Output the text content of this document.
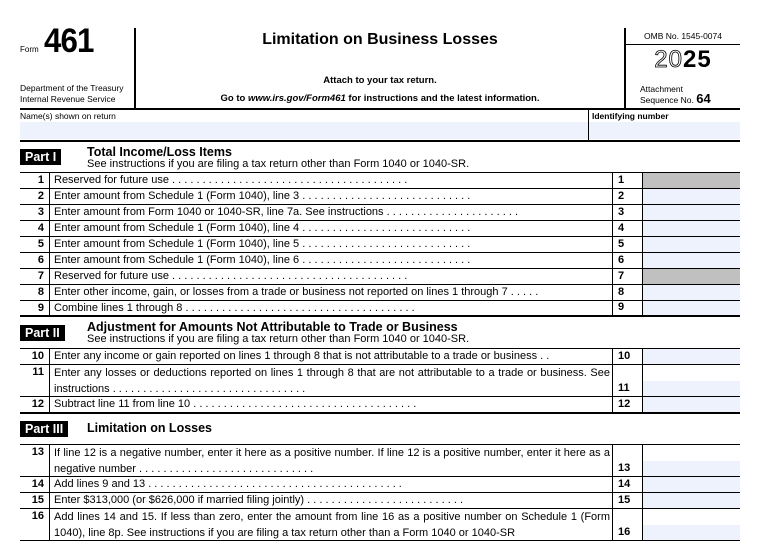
Form 461
Department of the Treasury
Internal Revenue Service
Limitation on Business Losses
Attach to your tax return.
Go to www.irs.gov/Form461 for instructions and the latest information.
OMB No. 1545-0074
2025
Attachment
Sequence No. 64
Name(s) shown on return	Identifying number
Part I	Total Income/Loss Items
See instructions if you are filing a tax return other than Form 1040 or 1040-SR.
Part II	Adjustment for Amounts Not Attributable to Trade or Business
See instructions if you are filing a tax return other than Form 1040 or 1040-SR.
Part III	Limitation on Losses
1 Reserved for future use . . . . . . . . . . . . . . . . . . . . . . . . . . . . . . . . . . . . . . .	1
2 Enter amount from Schedule 1 (Form 1040), line 3 . . . . . . . . . . . . . . . . . . . . . . . . . . . .	2
3 Enter amount from Form 1040 or 1040-SR, line 7a. See instructions . . . . . . . . . . . . . . . . . . . . . .	3
4 Enter amount from Schedule 1 (Form 1040), line 4 . . . . . . . . . . . . . . . . . . . . . . . . . . . .	4
5 Enter amount from Schedule 1 (Form 1040), line 5 . . . . . . . . . . . . . . . . . . . . . . . . . . . .	5
6 Enter amount from Schedule 1 (Form 1040), line 6 . . . . . . . . . . . . . . . . . . . . . . . . . . . .	6
7 Reserved for future use . . . . . . . . . . . . . . . . . . . . . . . . . . . . . . . . . . . . . . .	7
8 Enter other income, gain, or losses from a trade or business not reported on lines 1 through 7 . . . . .	8
9 Combine lines 1 through 8 . . . . . . . . . . . . . . . . . . . . . . . . . . . . . . . . . . . . . .	9
10 Enter any income or gain reported on lines 1 through 8 that is not attributable to a trade or business . .	10
11 Enter any losses or deductions reported on lines 1 through 8 that are not attributable to a trade or business. See instructions . . . . . . . . . . . . . . . . . . . . . . . . . . . . . . . .	11
12 Subtract line 11 from line 10 . . . . . . . . . . . . . . . . . . . . . . . . . . . . . . . . . . . . .	12
13 If line 12 is a negative number, enter it here as a positive number. If line 12 is a positive number, enter it here as a negative number . . . . . . . . . . . . . . . . . . . . . . . . . . . . .	13
14 Add lines 9 and 13 . . . . . . . . . . . . . . . . . . . . . . . . . . . . . . . . . . . . . . . . . .	14
15 Enter $313,000 (or $626,000 if married filing jointly) . . . . . . . . . . . . . . . . . . . . . . . . . .	15
16 Add lines 14 and 15. If less than zero, enter the amount from line 16 as a positive number on Schedule 1 (Form 1040), line 8p. See instructions if you are filing a tax return other than a Form 1040 or 1040-SR	16
